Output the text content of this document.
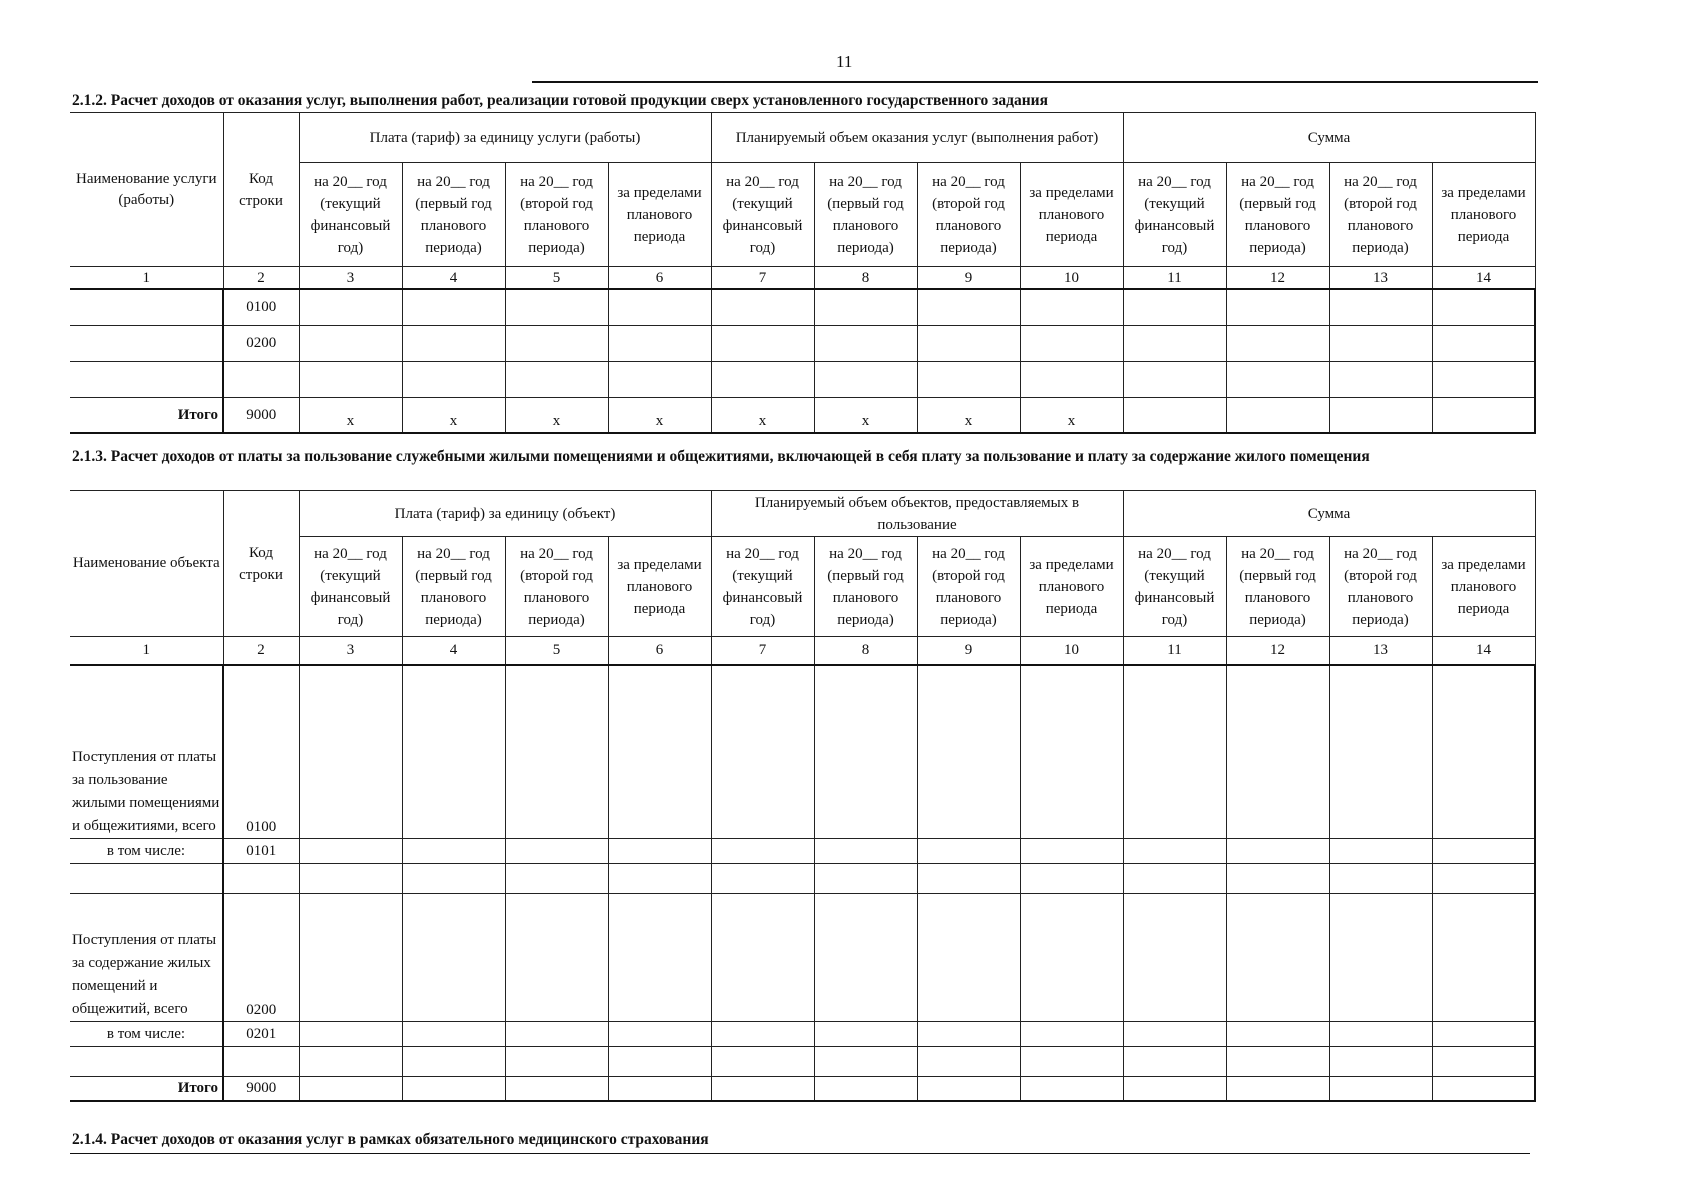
11
2.1.2. Расчет доходов от оказания услуг, выполнения работ, реализации готовой продукции сверх установленного государственного задания
Наименование услуги (работы)	Код строки	Плата (тариф) за единицу услуги (работы)				Планируемый объем оказания услуг (выполнения работ)				Сумма			
		на 20__ год (текущий финансовый год)	на 20__ год (первый год планового периода)	на 20__ год (второй год планового периода)	за пределами планового периода	на 20__ год (текущий финансовый год)	на 20__ год (первый год планового периода)	на 20__ год (второй год планового периода)	за пределами планового периода	на 20__ год (текущий финансовый год)	на 20__ год (первый год планового периода)	на 20__ год (второй год планового периода)	за пределами планового периода
1	2	3	4	5	6	7	8	9	10	11	12	13	14
	0100												
	0200												

Итого	9000	x	x	x	x	x	x	x	x				
2.1.3. Расчет доходов от платы за пользование служебными жилыми помещениями и общежитиями, включающей в себя плату за пользование и плату за содержание жилого помещения
Наименование объекта	Код строки	Плата (тариф) за единицу (объект)				Планируемый объем объектов, предоставляемых в пользование				Сумма			
		на 20__ год (текущий финансовый год)	на 20__ год (первый год планового периода)	на 20__ год (второй год планового периода)	за пределами планового периода	на 20__ год (текущий финансовый год)	на 20__ год (первый год планового периода)	на 20__ год (второй год планового периода)	за пределами планового периода	на 20__ год (текущий финансовый год)	на 20__ год (первый год планового периода)	на 20__ год (второй год планового периода)	за пределами планового периода
1	2	3	4	5	6	7	8	9	10	11	12	13	14
Поступления от платы за пользование жилыми помещениями и общежитиями, всего	0100												
в том числе:	0101												

Поступления от платы за содержание жилых помещений и общежитий, всего	0200												
в том числе:	0201												

Итого	9000												
2.1.4. Расчет доходов от оказания услуг в рамках обязательного медицинского страхования
